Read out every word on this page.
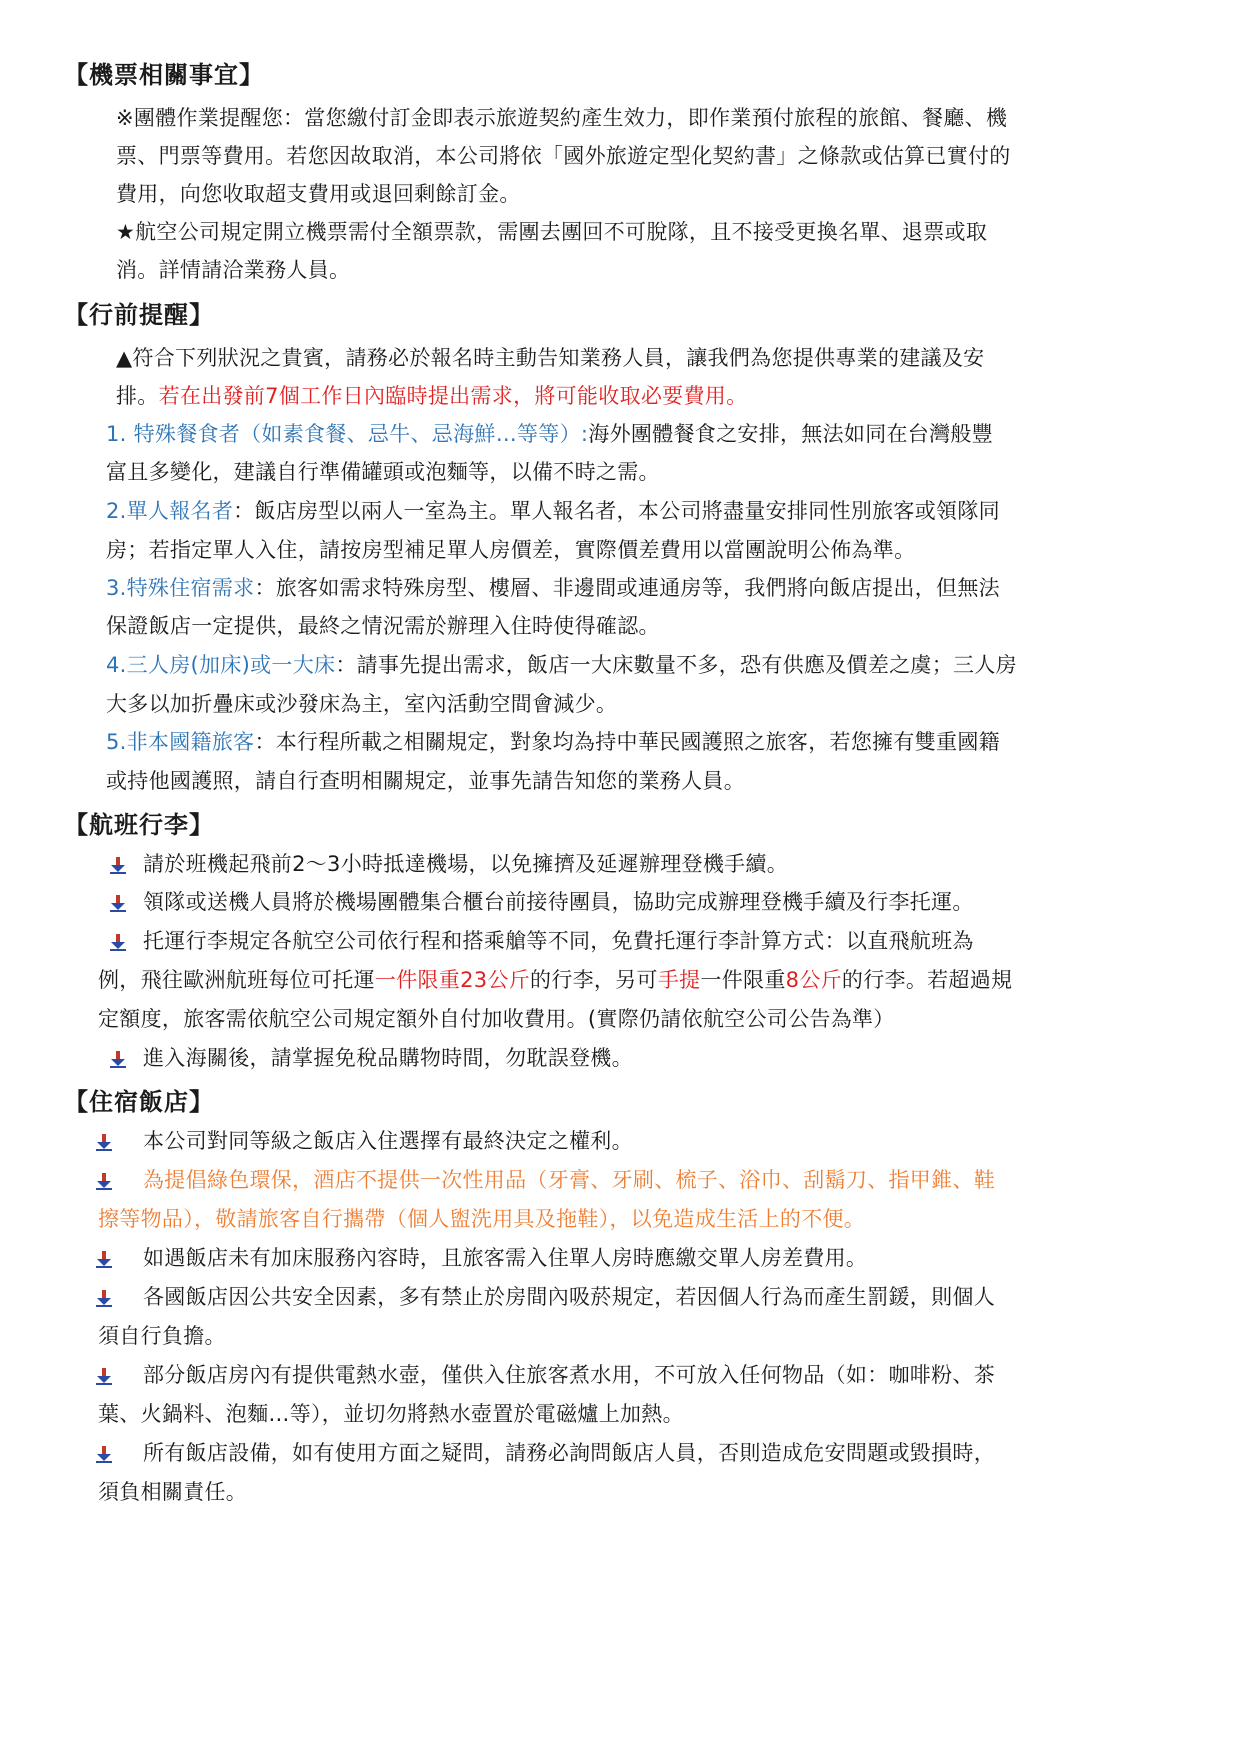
【機票相關事宜】
※團體作業提醒您：當您繳付訂金即表示旅遊契約產生效力，即作業預付旅程的旅館、餐廳、機
票、門票等費用。若您因故取消，本公司將依「國外旅遊定型化契約書」之條款或估算已實付的
費用，向您收取超支費用或退回剩餘訂金。
★航空公司規定開立機票需付全額票款，需團去團回不可脫隊，且不接受更換名單、退票或取
消。詳情請洽業務人員。
【行前提醒】
▲符合下列狀況之貴賓，請務必於報名時主動告知業務人員，讓我們為您提供專業的建議及安
排。若在出發前7個工作日內臨時提出需求，將可能收取必要費用。
1. 特殊餐食者（如素食餐、忌牛、忌海鮮…等等）:海外團體餐食之安排，無法如同在台灣般豐
富且多變化，建議自行準備罐頭或泡麵等，以備不時之需。
2.單人報名者：飯店房型以兩人一室為主。單人報名者，本公司將盡量安排同性別旅客或領隊同
房；若指定單人入住，請按房型補足單人房價差，實際價差費用以當團說明公佈為準。
3.特殊住宿需求：旅客如需求特殊房型、樓層、非邊間或連通房等，我們將向飯店提出，但無法
保證飯店一定提供，最終之情況需於辦理入住時使得確認。
4.三人房(加床)或一大床：請事先提出需求，飯店一大床數量不多，恐有供應及價差之虞；三人房
大多以加折疊床或沙發床為主，室內活動空間會減少。
5.非本國籍旅客：本行程所載之相關規定，對象均為持中華民國護照之旅客，若您擁有雙重國籍
或持他國護照，請自行查明相關規定，並事先請告知您的業務人員。
【航班行李】
請於班機起飛前2～3小時抵達機場，以免擁擠及延遲辦理登機手續。
領隊或送機人員將於機場團體集合櫃台前接待團員，協助完成辦理登機手續及行李托運。
托運行李規定各航空公司依行程和搭乘艙等不同，免費托運行李計算方式：以直飛航班為
例，飛往歐洲航班每位可托運一件限重23公斤的行李，另可手提一件限重8公斤的行李。若超過規
定額度，旅客需依航空公司規定額外自付加收費用。(實際仍請依航空公司公告為準）
進入海關後，請掌握免稅品購物時間，勿耽誤登機。
【住宿飯店】
本公司對同等級之飯店入住選擇有最終決定之權利。
為提倡綠色環保，酒店不提供一次性用品（牙膏、牙刷、梳子、浴巾、刮鬍刀、指甲錐、鞋
擦等物品），敬請旅客自行攜帶（個人盥洗用具及拖鞋），以免造成生活上的不便。
如遇飯店未有加床服務內容時，且旅客需入住單人房時應繳交單人房差費用。
各國飯店因公共安全因素，多有禁止於房間內吸菸規定，若因個人行為而產生罰鍰，則個人
須自行負擔。
部分飯店房內有提供電熱水壺，僅供入住旅客煮水用，不可放入任何物品（如：咖啡粉、茶
葉、火鍋料、泡麵…等），並切勿將熱水壺置於電磁爐上加熱。
所有飯店設備，如有使用方面之疑問，請務必詢問飯店人員，否則造成危安問題或毀損時，
須負相關責任。
